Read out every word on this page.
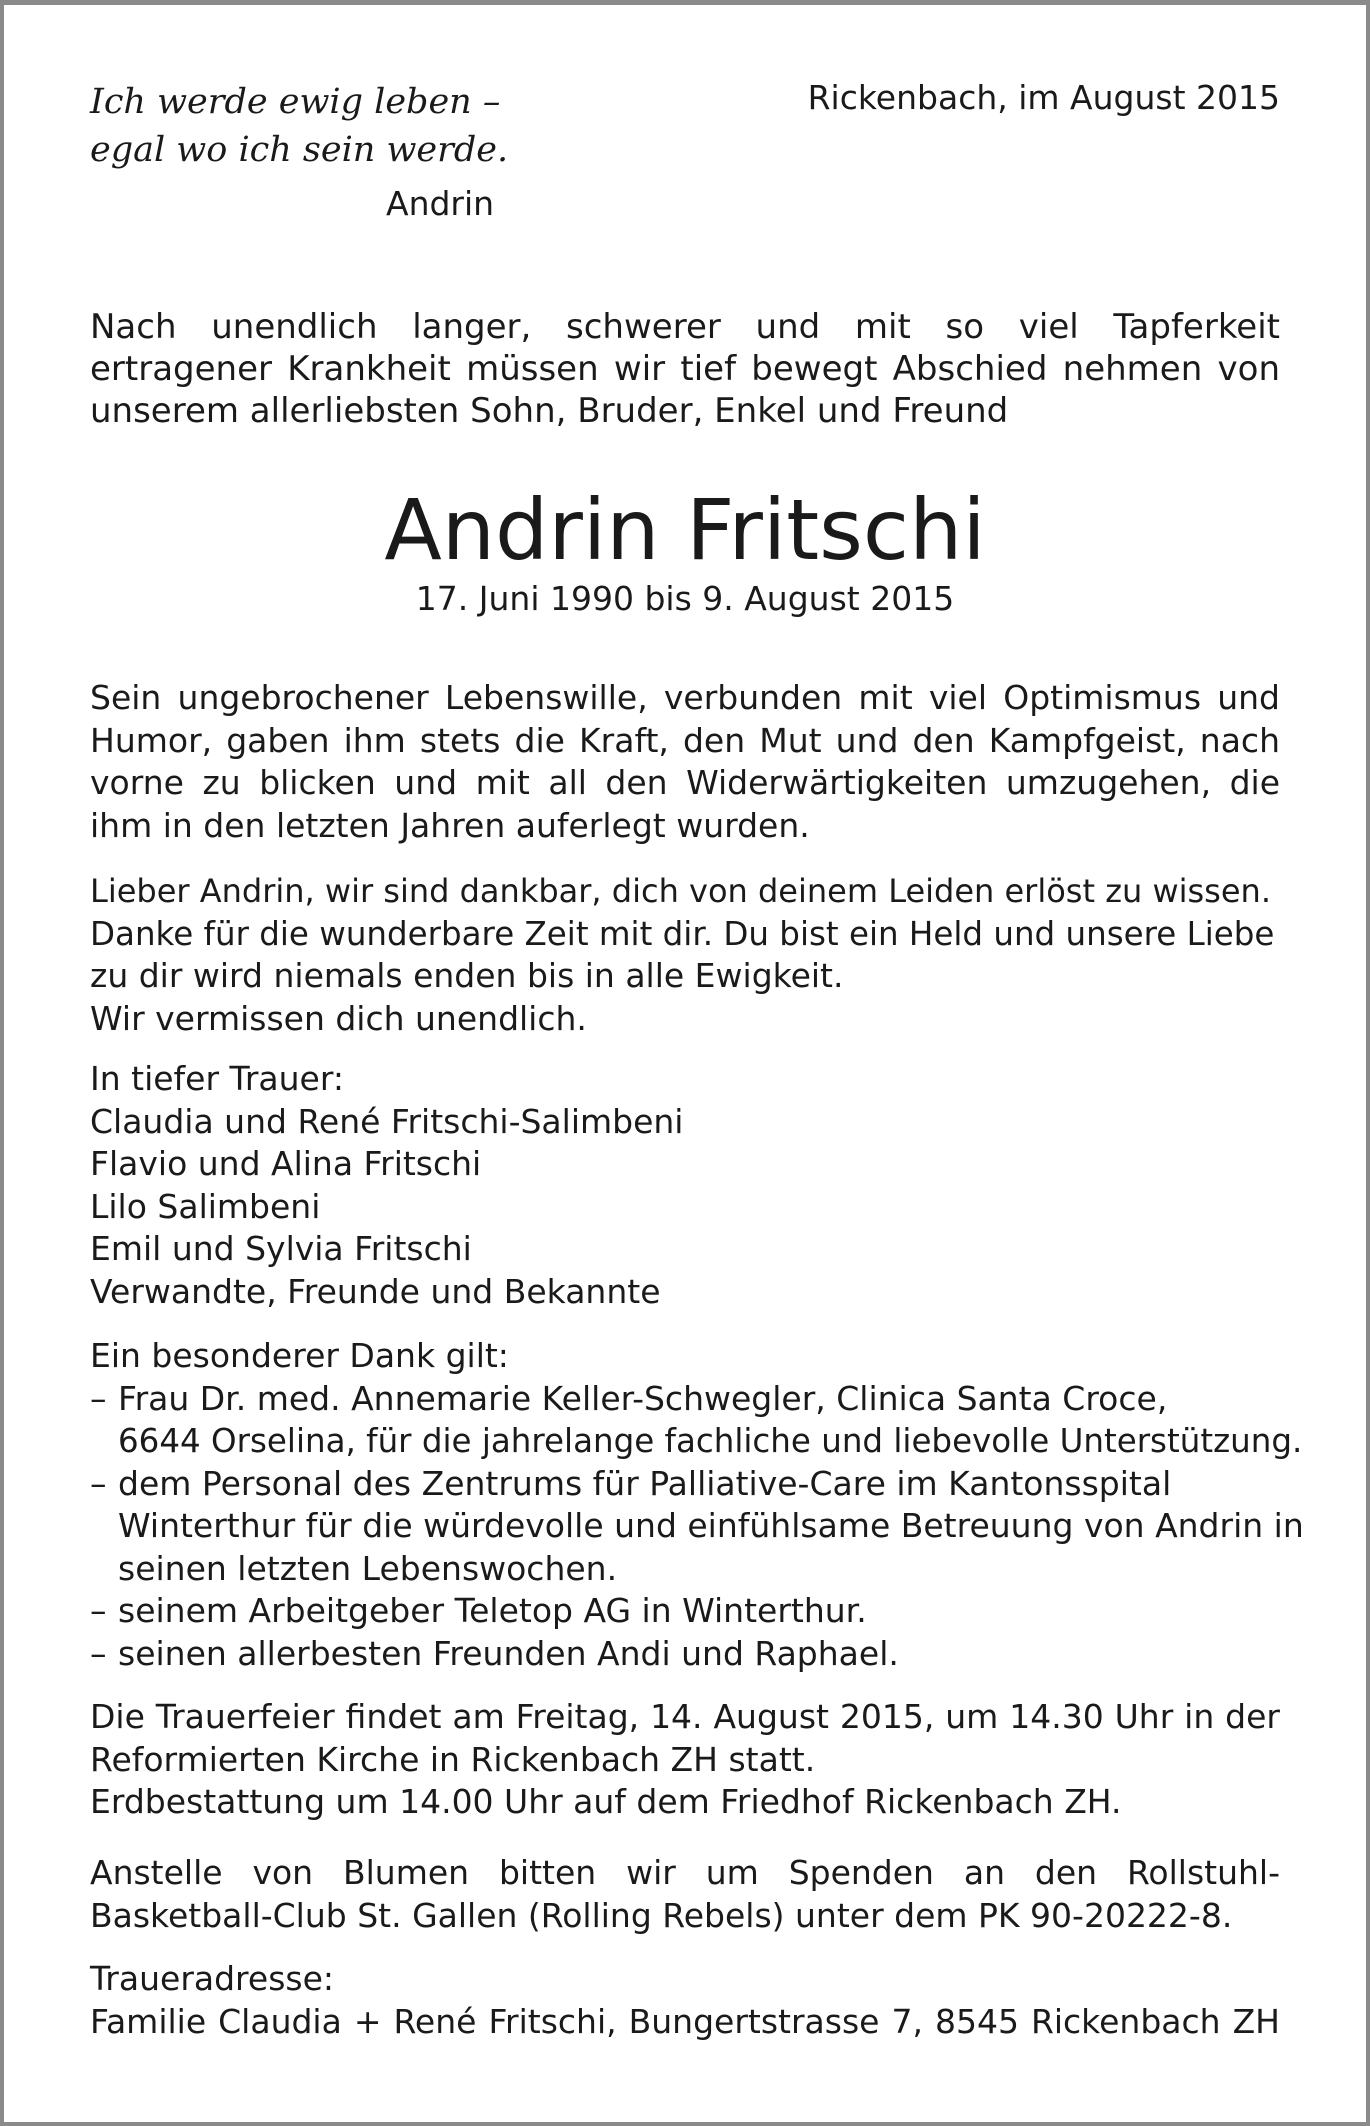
Ich werde ewig leben –
egal wo ich sein werde.
Andrin
Rickenbach, im August 2015
Nach unendlich langer, schwerer und mit so viel Tapferkeit ertragener Krankheit müssen wir tief bewegt Abschied nehmen von unserem allerliebsten Sohn, Bruder, Enkel und Freund
Andrin Fritschi
17. Juni 1990 bis 9. August 2015
Sein ungebrochener Lebenswille, verbunden mit viel Optimismus und Humor, gaben ihm stets die Kraft, den Mut und den Kampfgeist, nach vorne zu blicken und mit all den Widerwärtigkeiten umzugehen, die ihm in den letzten Jahren auferlegt wurden.
Lieber Andrin, wir sind dankbar, dich von deinem Leiden erlöst zu wissen.
Danke für die wunderbare Zeit mit dir. Du bist ein Held und unsere Liebe
zu dir wird niemals enden bis in alle Ewigkeit.
Wir vermissen dich unendlich.
In tiefer Trauer:
Claudia und René Fritschi-Salimbeni
Flavio und Alina Fritschi
Lilo Salimbeni
Emil und Sylvia Fritschi
Verwandte, Freunde und Bekannte
Ein besonderer Dank gilt:
– Frau Dr. med. Annemarie Keller-Schwegler, Clinica Santa Croce,
6644 Orselina, für die jahrelange fachliche und liebevolle Unterstützung.
– dem Personal des Zentrums für Palliative-Care im Kantonsspital
Winterthur für die würdevolle und einfühlsame Betreuung von Andrin in
seinen letzten Lebenswochen.
– seinem Arbeitgeber Teletop AG in Winterthur.
– seinen allerbesten Freunden Andi und Raphael.
Die Trauerfeier findet am Freitag, 14. August 2015, um 14.30 Uhr in der Reformierten Kirche in Rickenbach ZH statt.
Erdbestattung um 14.00 Uhr auf dem Friedhof Rickenbach ZH.
Anstelle von Blumen bitten wir um Spenden an den Rollstuhl-Basketball-Club St. Gallen (Rolling Rebels) unter dem PK 90-20222-8.
Traueradresse:
Familie Claudia + René Fritschi, Bungertstrasse 7, 8545 Rickenbach ZH
